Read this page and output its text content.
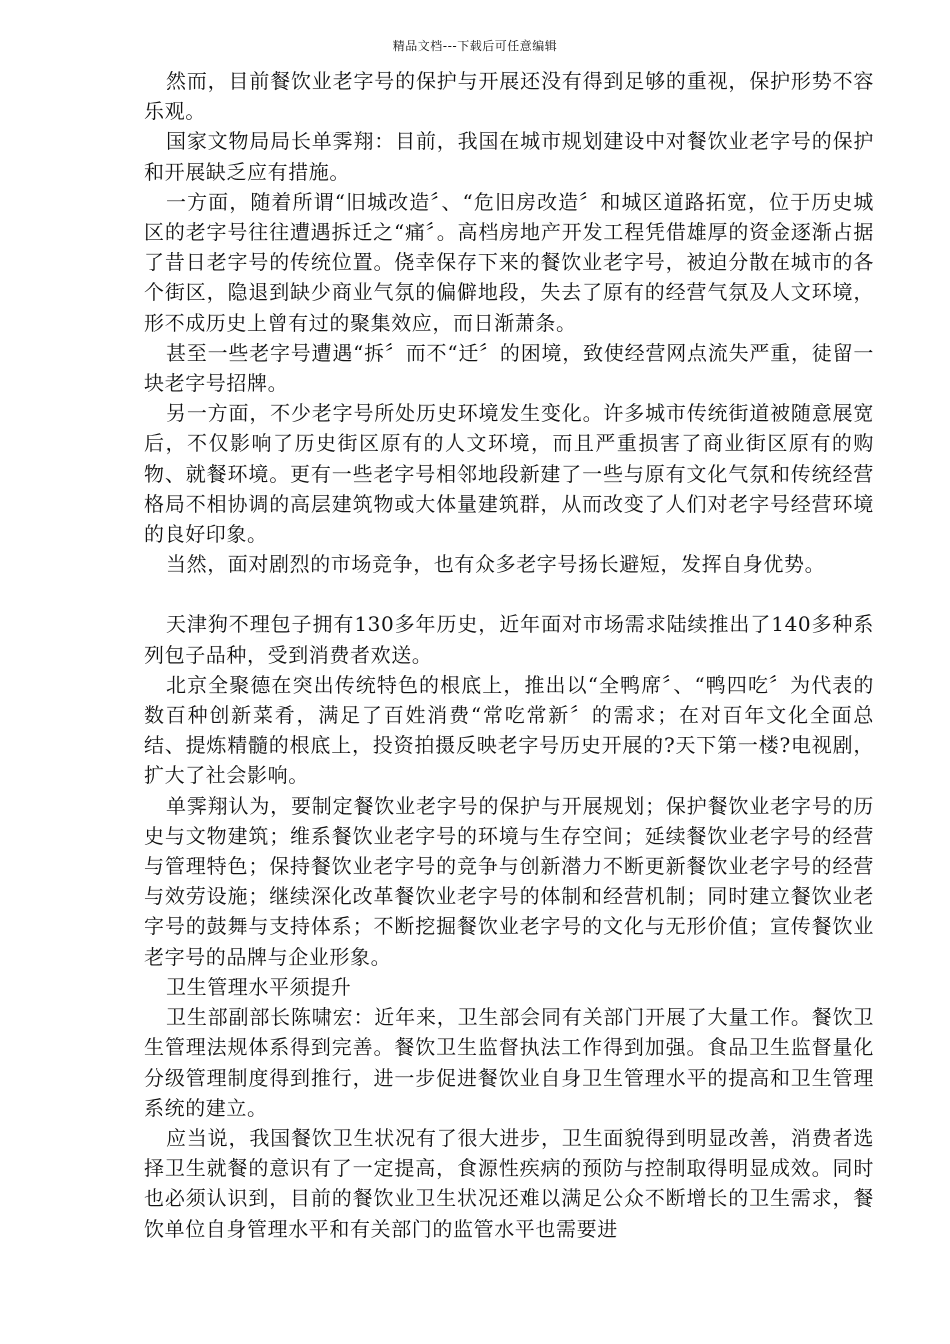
精品文档---下载后可任意编辑

然而，目前餐饮业老字号的保护与开展还没有得到足够的重视，保护形势不容乐观。

国家文物局局长单霁翔：目前，我国在城市规划建设中对餐饮业老字号的保护和开展缺乏应有措施。

一方面，随着所谓“旧城改造〞、“危旧房改造〞和城区道路拓宽，位于历史城区的老字号往往遭遇拆迁之“痛〞。高档房地产开发工程凭借雄厚的资金逐渐占据了昔日老字号的传统位置。侥幸保存下来的餐饮业老字号，被迫分散在城市的各个街区，隐退到缺少商业气氛的偏僻地段，失去了原有的经营气氛及人文环境，形不成历史上曾有过的聚集效应，而日渐萧条。

甚至一些老字号遭遇“拆〞而不“迁〞的困境，致使经营网点流失严重，徒留一块老字号招牌。

另一方面，不少老字号所处历史环境发生变化。许多城市传统街道被随意展宽后，不仅影响了历史街区原有的人文环境，而且严重损害了商业街区原有的购物、就餐环境。更有一些老字号相邻地段新建了一些与原有文化气氛和传统经营格局不相协调的高层建筑物或大体量建筑群，从而改变了人们对老字号经营环境的良好印象。

当然，面对剧烈的市场竞争，也有众多老字号扬长避短，发挥自身优势。

天津狗不理包子拥有130多年历史，近年面对市场需求陆续推出了140多种系列包子品种，受到消费者欢送。

北京全聚德在突出传统特色的根底上，推出以“全鸭席〞、“鸭四吃〞为代表的数百种创新菜肴，满足了百姓消费“常吃常新〞的需求；在对百年文化全面总结、提炼精髓的根底上，投资拍摄反映老字号历史开展的?天下第一楼?电视剧，扩大了社会影响。

单霁翔认为，要制定餐饮业老字号的保护与开展规划；保护餐饮业老字号的历史与文物建筑；维系餐饮业老字号的环境与生存空间；延续餐饮业老字号的经营与管理特色；保持餐饮业老字号的竞争与创新潜力不断更新餐饮业老字号的经营与效劳设施；继续深化改革餐饮业老字号的体制和经营机制；同时建立餐饮业老字号的鼓舞与支持体系；不断挖掘餐饮业老字号的文化与无形价值；宣传餐饮业老字号的品牌与企业形象。

卫生管理水平须提升

卫生部副部长陈啸宏：近年来，卫生部会同有关部门开展了大量工作。餐饮卫生管理法规体系得到完善。餐饮卫生监督执法工作得到加强。食品卫生监督量化分级管理制度得到推行，进一步促进餐饮业自身卫生管理水平的提高和卫生管理系统的建立。

应当说，我国餐饮卫生状况有了很大进步，卫生面貌得到明显改善，消费者选择卫生就餐的意识有了一定提高，食源性疾病的预防与控制取得明显成效。同时也必须认识到，目前的餐饮业卫生状况还难以满足公众不断增长的卫生需求，餐饮单位自身管理水平和有关部门的监管水平也需要进
